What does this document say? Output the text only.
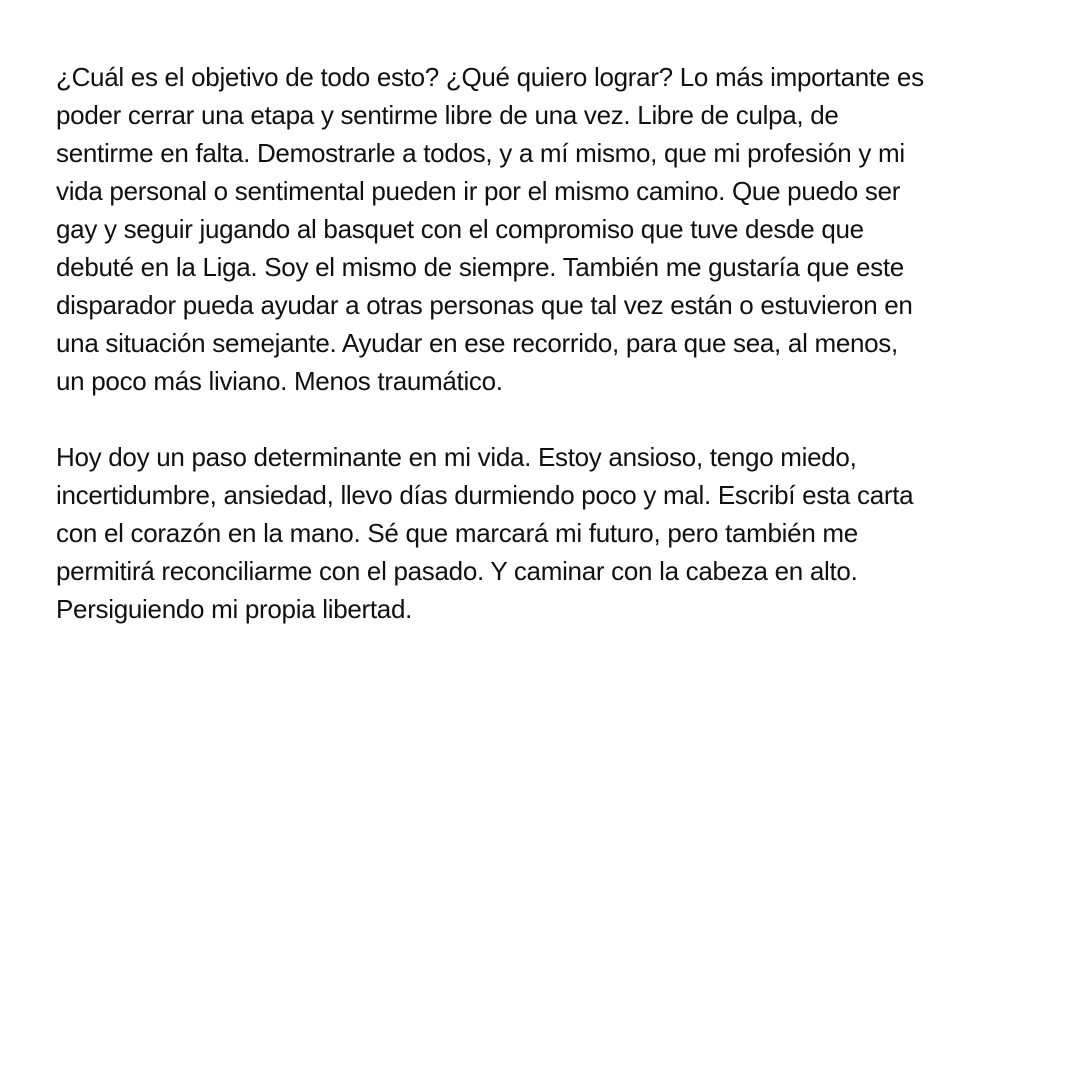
¿Cuál es el objetivo de todo esto? ¿Qué quiero lograr? Lo más importante es
poder cerrar una etapa y sentirme libre de una vez. Libre de culpa, de
sentirme en falta. Demostrarle a todos, y a mí mismo, que mi profesión y mi
vida personal o sentimental pueden ir por el mismo camino. Que puedo ser
gay y seguir jugando al basquet con el compromiso que tuve desde que
debuté en la Liga. Soy el mismo de siempre. También me gustaría que este
disparador pueda ayudar a otras personas que tal vez están o estuvieron en
una situación semejante. Ayudar en ese recorrido, para que sea, al menos,
un poco más liviano. Menos traumático.

Hoy doy un paso determinante en mi vida. Estoy ansioso, tengo miedo,
incertidumbre, ansiedad, llevo días durmiendo poco y mal. Escribí esta carta
con el corazón en la mano. Sé que marcará mi futuro, pero también me
permitirá reconciliarme con el pasado. Y caminar con la cabeza en alto.
Persiguiendo mi propia libertad.
